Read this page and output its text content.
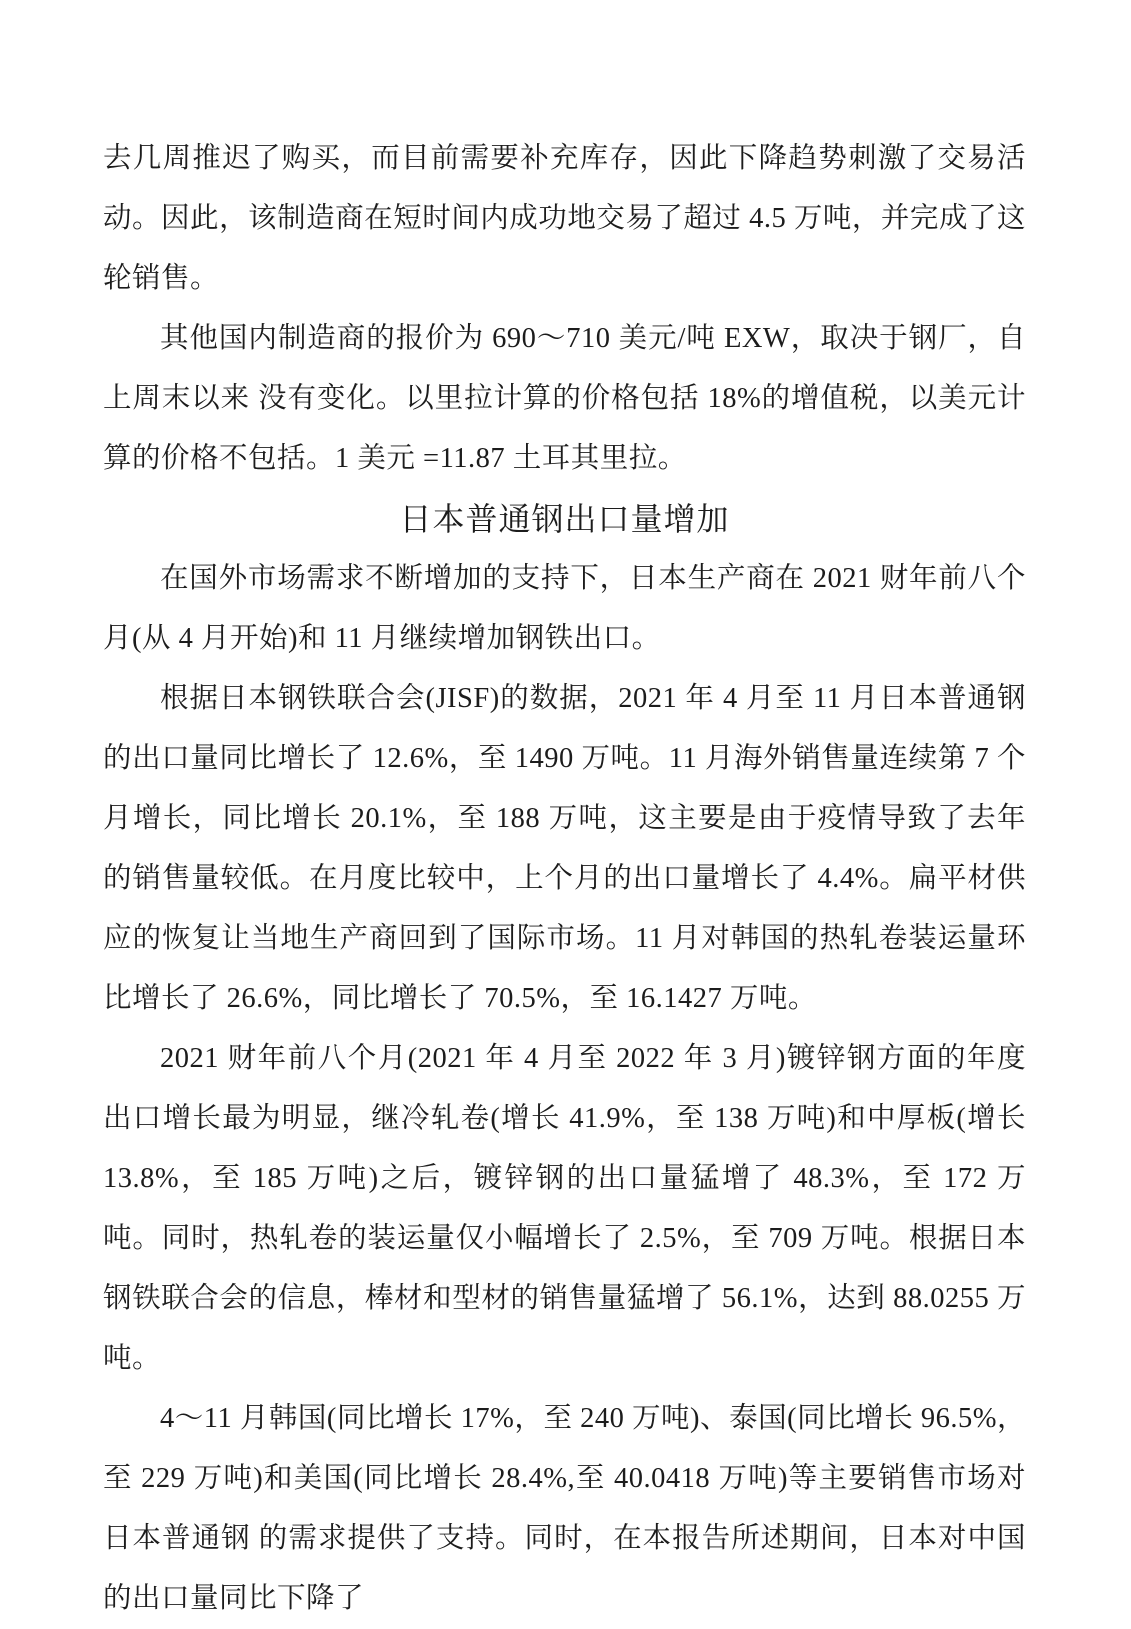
去几周推迟了购买，而目前需要补充库存，因此下降趋势刺激了交易活动。因此，该制造商在短时间内成功地交易了超过 4.5 万吨，并完成了这轮销售。

其他国内制造商的报价为 690～710 美元/吨 EXW，取决于钢厂，自上周末以来 没有变化。以里拉计算的价格包括 18%的增值税，以美元计算的价格不包括。1 美元 =11.87 土耳其里拉。

日本普通钢出口量增加

在国外市场需求不断增加的支持下，日本生产商在 2021 财年前八个月(从 4 月开始)和 11 月继续增加钢铁出口。

根据日本钢铁联合会(JISF)的数据，2021 年 4 月至 11 月日本普通钢的出口量同比增长了 12.6%，至 1490 万吨。11 月海外销售量连续第 7 个月增长，同比增长 20.1%，至 188 万吨，这主要是由于疫情导致了去年的销售量较低。在月度比较中，上个月的出口量增长了 4.4%。扁平材供应的恢复让当地生产商回到了国际市场。11 月对韩国的热轧卷装运量环比增长了 26.6%，同比增长了 70.5%，至 16.1427 万吨。

2021 财年前八个月(2021 年 4 月至 2022 年 3 月)镀锌钢方面的年度出口增长最为明显，继冷轧卷(增长 41.9%，至 138 万吨)和中厚板(增长 13.8%，至 185 万吨)之后，镀锌钢的出口量猛增了 48.3%，至 172 万吨。同时，热轧卷的装运量仅小幅增长了 2.5%，至 709 万吨。根据日本钢铁联合会的信息，棒材和型材的销售量猛增了 56.1%，达到 88.0255 万吨。

4～11 月韩国(同比增长 17%，至 240 万吨)、泰国(同比增长 96.5%，至 229 万吨)和美国(同比增长 28.4%,至 40.0418 万吨)等主要销售市场对日本普通钢 的需求提供了支持。同时，在本报告所述期间，日本对中国的出口量同比下降了
